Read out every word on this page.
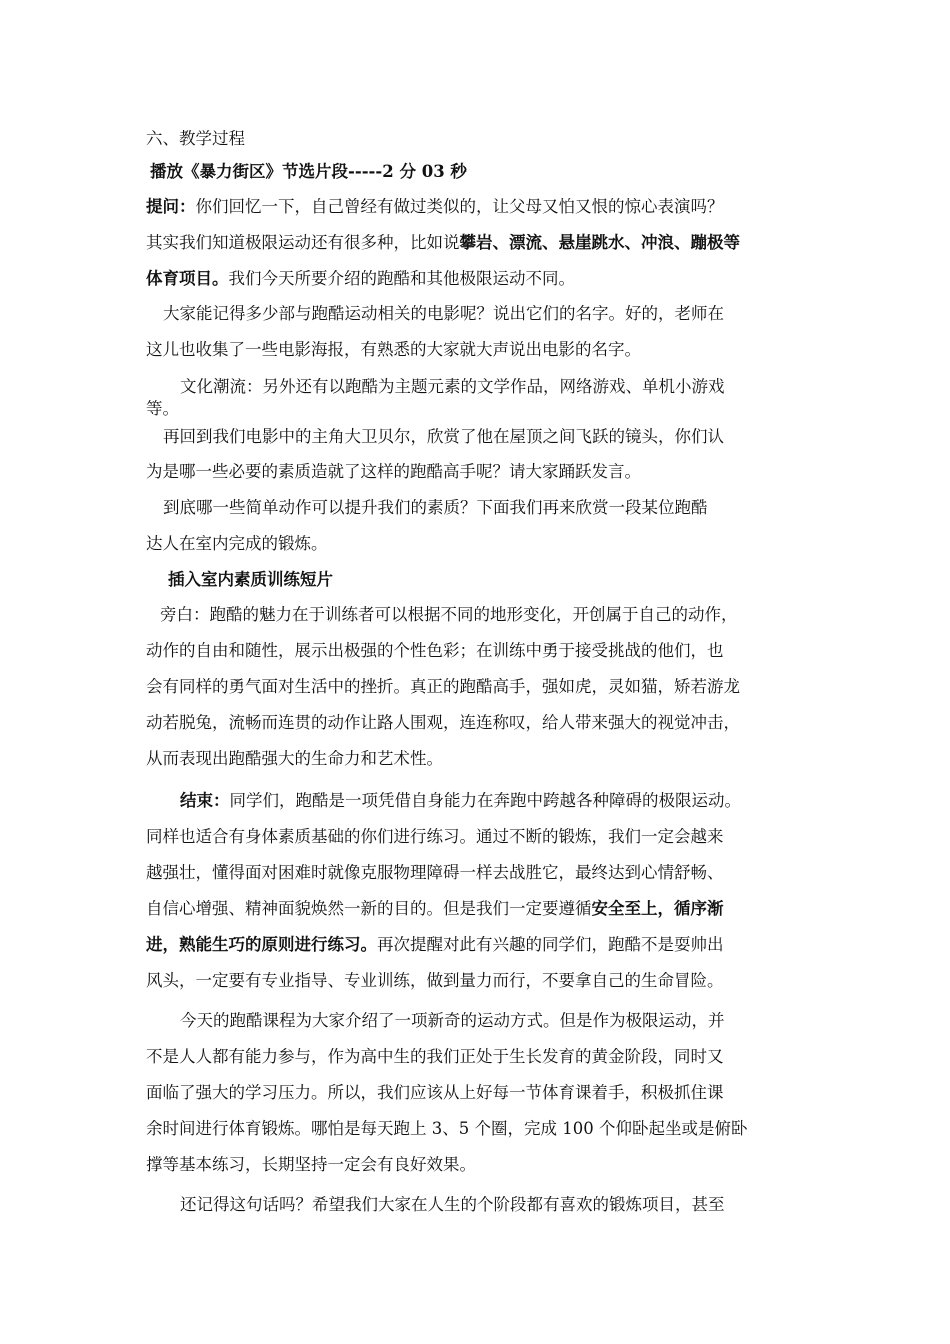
六、教学过程
播放《暴力街区》节选片段-----2 分 03 秒
提问：你们回忆一下，自己曾经有做过类似的，让父母又怕又恨的惊心表演吗？
其实我们知道极限运动还有很多种，比如说攀岩、漂流、悬崖跳水、冲浪、蹦极等
体育项目。我们今天所要介绍的跑酷和其他极限运动不同。
大家能记得多少部与跑酷运动相关的电影呢？说出它们的名字。好的，老师在
这儿也收集了一些电影海报，有熟悉的大家就大声说出电影的名字。
文化潮流：另外还有以跑酷为主题元素的文学作品，网络游戏、单机小游戏
等。
再回到我们电影中的主角大卫贝尔，欣赏了他在屋顶之间飞跃的镜头，你们认
为是哪一些必要的素质造就了这样的跑酷高手呢？请大家踊跃发言。
到底哪一些简单动作可以提升我们的素质？下面我们再来欣赏一段某位跑酷
达人在室内完成的锻炼。
插入室内素质训练短片
旁白：跑酷的魅力在于训练者可以根据不同的地形变化，开创属于自己的动作，
动作的自由和随性，展示出极强的个性色彩；在训练中勇于接受挑战的他们，也
会有同样的勇气面对生活中的挫折。真正的跑酷高手，强如虎，灵如猫，矫若游龙
动若脱兔，流畅而连贯的动作让路人围观，连连称叹，给人带来强大的视觉冲击，
从而表现出跑酷强大的生命力和艺术性。
结束：同学们，跑酷是一项凭借自身能力在奔跑中跨越各种障碍的极限运动。
同样也适合有身体素质基础的你们进行练习。通过不断的锻炼，我们一定会越来
越强壮，懂得面对困难时就像克服物理障碍一样去战胜它，最终达到心情舒畅、
自信心增强、精神面貌焕然一新的目的。但是我们一定要遵循安全至上，循序渐
进，熟能生巧的原则进行练习。再次提醒对此有兴趣的同学们，跑酷不是耍帅出
风头，一定要有专业指导、专业训练，做到量力而行，不要拿自己的生命冒险。
今天的跑酷课程为大家介绍了一项新奇的运动方式。但是作为极限运动，并
不是人人都有能力参与，作为高中生的我们正处于生长发育的黄金阶段，同时又
面临了强大的学习压力。所以，我们应该从上好每一节体育课着手，积极抓住课
余时间进行体育锻炼。哪怕是每天跑上 3、5 个圈，完成 100 个仰卧起坐或是俯卧
撑等基本练习，长期坚持一定会有良好效果。
还记得这句话吗？希望我们大家在人生的个阶段都有喜欢的锻炼项目，甚至
